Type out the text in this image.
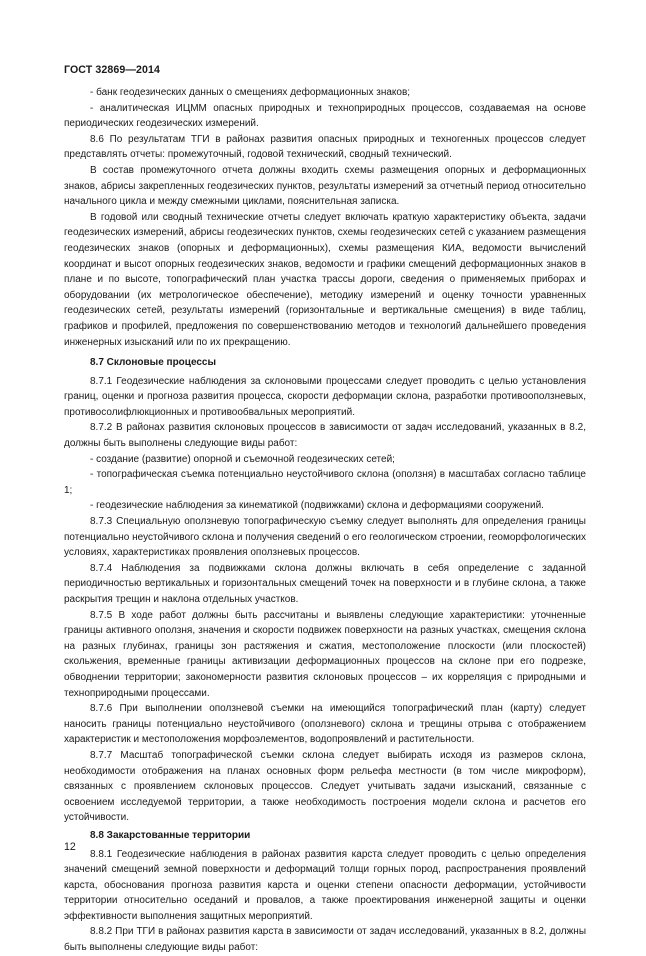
ГОСТ 32869—2014

- банк геодезических данных о смещениях деформационных знаков;

- аналитическая ИЦММ опасных природных и техноприродных процессов, создаваемая на основе периодических геодезических измерений.

8.6 По результатам ТГИ в районах развития опасных природных и техногенных процессов следует представлять отчеты: промежуточный, годовой технический, сводный технический.

В состав промежуточного отчета должны входить схемы размещения опорных и деформационных знаков, абрисы закрепленных геодезических пунктов, результаты измерений за отчетный период относительно начального цикла и между смежными циклами, пояснительная записка.

В годовой или сводный технические отчеты следует включать краткую характеристику объекта, задачи геодезических измерений, абрисы геодезических пунктов, схемы геодезических сетей с указанием размещения геодезических знаков (опорных и деформационных), схемы размещения КИА, ведомости вычислений координат и высот опорных геодезических знаков, ведомости и графики смещений деформационных знаков в плане и по высоте, топографический план участка трассы дороги, сведения о применяемых приборах и оборудовании (их метрологическое обеспечение), методику измерений и оценку точности уравненных геодезических сетей, результаты измерений (горизонтальные и вертикальные смещения) в виде таблиц, графиков и профилей, предложения по совершенствованию методов и технологий дальнейшего проведения инженерных изысканий или по их прекращению.

8.7 Склоновые процессы

8.7.1 Геодезические наблюдения за склоновыми процессами следует проводить с целью установления границ, оценки и прогноза развития процесса, скорости деформации склона, разработки противооползневых, противосолифлюкционных и противообвальных мероприятий.

8.7.2 В районах развития склоновых процессов в зависимости от задач исследований, указанных в 8.2, должны быть выполнены следующие виды работ:

- создание (развитие) опорной и съемочной геодезических сетей;

- топографическая съемка потенциально неустойчивого склона (оползня) в масштабах согласно таблице 1;

- геодезические наблюдения за кинематикой (подвижками) склона и деформациями сооружений.

8.7.3 Специальную оползневую топографическую съемку следует выполнять для определения границы потенциально неустойчивого склона и получения сведений о его геологическом строении, геоморфологических условиях, характеристиках проявления оползневых процессов.

8.7.4 Наблюдения за подвижками склона должны включать в себя определение с заданной периодичностью вертикальных и горизонтальных смещений точек на поверхности и в глубине склона, а также раскрытия трещин и наклона отдельных участков.

8.7.5 В ходе работ должны быть рассчитаны и выявлены следующие характеристики: уточненные границы активного оползня, значения и скорости подвижек поверхности на разных участках, смещения склона на разных глубинах, границы зон растяжения и сжатия, местоположение плоскости (или плоскостей) скольжения, временные границы активизации деформационных процессов на склоне при его подрезке, обводнении территории; закономерности развития склоновых процессов – их корреляция с природными и техноприродными процессами.

8.7.6 При выполнении оползневой съемки на имеющийся топографический план (карту) следует наносить границы потенциально неустойчивого (оползневого) склона и трещины отрыва с отображением характеристик и местоположения морфоэлементов, водопроявлений и растительности.

8.7.7 Масштаб топографической съемки склона следует выбирать исходя из размеров склона, необходимости отображения на планах основных форм рельефа местности (в том числе микроформ), связанных с проявлением склоновых процессов. Следует учитывать задачи изысканий, связанные с освоением исследуемой территории, а также необходимость построения модели склона и расчетов его устойчивости.

8.8 Закарстованные территории

8.8.1 Геодезические наблюдения в районах развития карста следует проводить с целью определения значений смещений земной поверхности и деформаций толщи горных пород, распространения проявлений карста, обоснования прогноза развития карста и оценки степени опасности деформации, устойчивости территории относительно оседаний и провалов, а также проектирования инженерной защиты и оценки эффективности выполнения защитных мероприятий.

8.8.2 При ТГИ в районах развития карста в зависимости от задач исследований, указанных в 8.2, должны быть выполнены следующие виды работ:

12
